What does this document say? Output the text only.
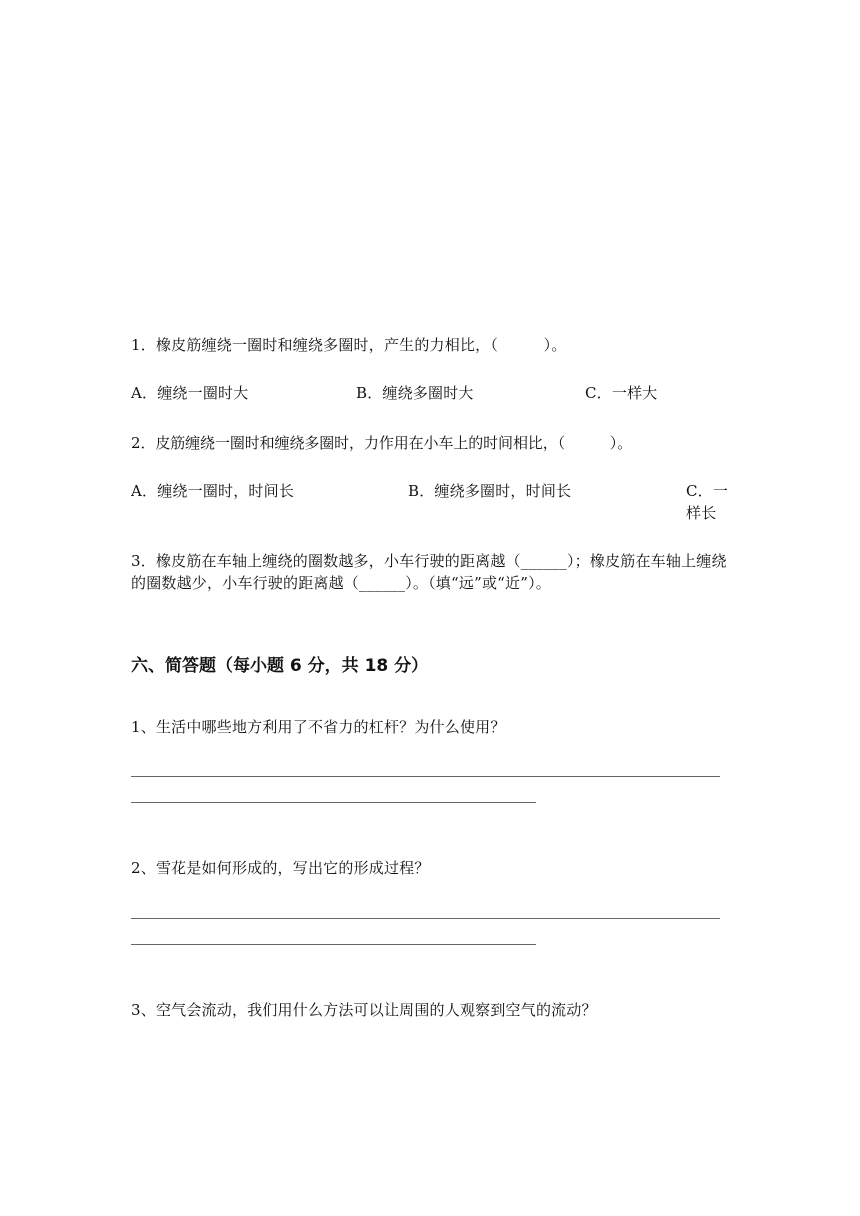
1．橡皮筋缠绕一圈时和缠绕多圈时，产生的力相比，（　　　）。
A．缠绕一圈时大	B．缠绕多圈时大	C．一样大
2．皮筋缠绕一圈时和缠绕多圈时，力作用在小车上的时间相比，（　　　）。
A．缠绕一圈时，时间长	B．缠绕多圈时，时间长	C．一样长
3．橡皮筋在车轴上缠绕的圈数越多，小车行驶的距离越（______）；橡皮筋在车轴上缠绕的圈数越少，小车行驶的距离越（______）。（填“远”或“近”）。
六、简答题（每小题 6 分，共 18 分）
1、生活中哪些地方利用了不省力的杠杆？为什么使用？
2、雪花是如何形成的，写出它的形成过程？
3、空气会流动，我们用什么方法可以让周围的人观察到空气的流动？
